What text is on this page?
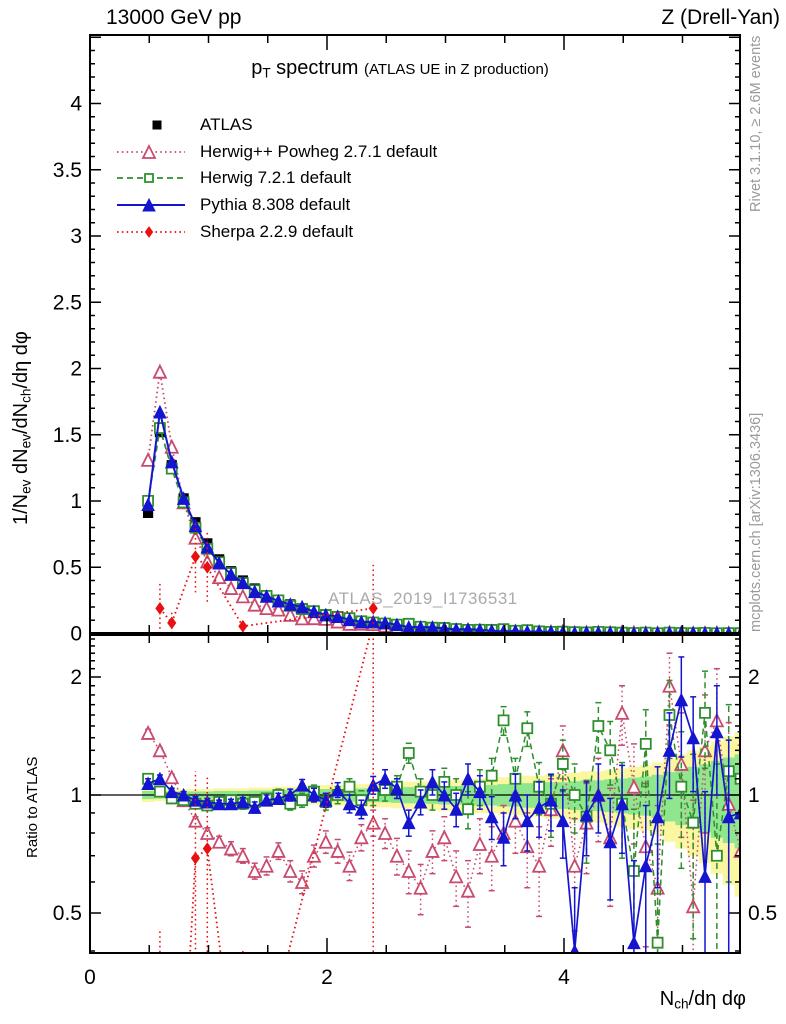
0
0.5
1
1.5
2
2.5
3
3.5
4
0.5	0.5
1	1
2	2
0	2	4
13000 GeV pp	Z (Drell-Yan)
$p_T$ spectrum (ATLAS UE in Z production)
ATLAS
Herwig++ Powheg 2.7.1 default
Herwig 7.2.1 default
Pythia 8.308 default
Sherpa 2.2.9 default
$1/N_{ev}$ $dN_{ev}/dN_{ch}/d\eta$ dφ
Ratio to ATLAS
Rivet 3.1.10, ≥ 2.6M events
mcplots.cern.ch [arXiv:1306.3436]
ATLAS_2019_I1736531
$N_{ch}/d\eta$ dφ
